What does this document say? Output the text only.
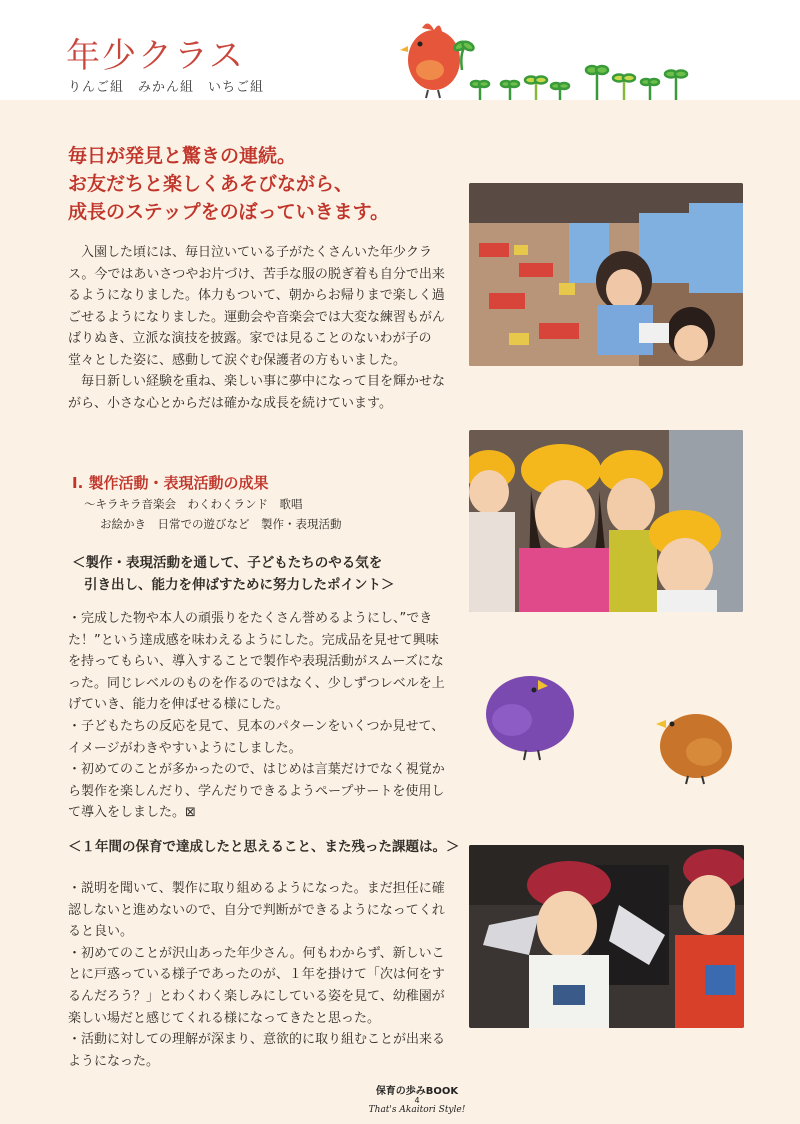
年少クラス
りんご組　みかん組　いちご組
毎日が発見と驚きの連続。
お友だちと楽しくあそびながら、
成長のステップをのぼっていきます。

入園した頃には、毎日泣いている子がたくさんいた年少クラス。今ではあいさつやお片づけ、苦手な服の脱ぎ着も自分で出来るようになりました。体力もついて、朝からお帰りまで楽しく過ごせるようになりました。運動会や音楽会では大変な練習もがんばりぬき、立派な演技を披露。家では見ることのないわが子の堂々とした姿に、感動して涙ぐむ保護者の方もいました。

毎日新しい経験を重ね、楽しい事に夢中になって目を輝かせながら、小さな心とからだは確かな成長を続けています。

Ⅰ. 製作活動・表現活動の成果
～キラキラ音楽会　わくわくランド　歌唱
お絵かき　日常での遊びなど　製作・表現活動
＜製作・表現活動を通して、子どもたちのやる気を
引き出し、能力を伸ばすために努力したポイント＞

・完成した物や本人の頑張りをたくさん誉めるようにし、”できた！”という達成感を味わえるようにした。完成品を見せて興味を持ってもらい、導入することで製作や表現活動がスムーズになった。同じレベルのものを作るのではなく、少しずつレベルを上げていき、能力を伸ばせる様にした。

・子どもたちの反応を見て、見本のパターンをいくつか見せて、イメージがわきやすいようにしました。

・初めてのことが多かったので、はじめは言葉だけでなく視覚から製作を楽しんだり、学んだりできるようペープサートを使用して導入をしました。⊠

＜１年間の保育で達成したと思えること、また残った課題は。＞

・説明を聞いて、製作に取り組めるようになった。まだ担任に確認しないと進めないので、自分で判断ができるようになってくれると良い。

・初めてのことが沢山あった年少さん。何もわからず、新しいことに戸惑っている様子であったのが、１年を掛けて「次は何をするんだろう？」とわくわく楽しみにしている姿を見て、幼稚園が楽しい場だと感じてくれる様になってきたと思った。

・活動に対しての理解が深まり、意欲的に取り組むことが出来るようになった。

保育の歩みBOOK
4
That's Akaitori Style!
